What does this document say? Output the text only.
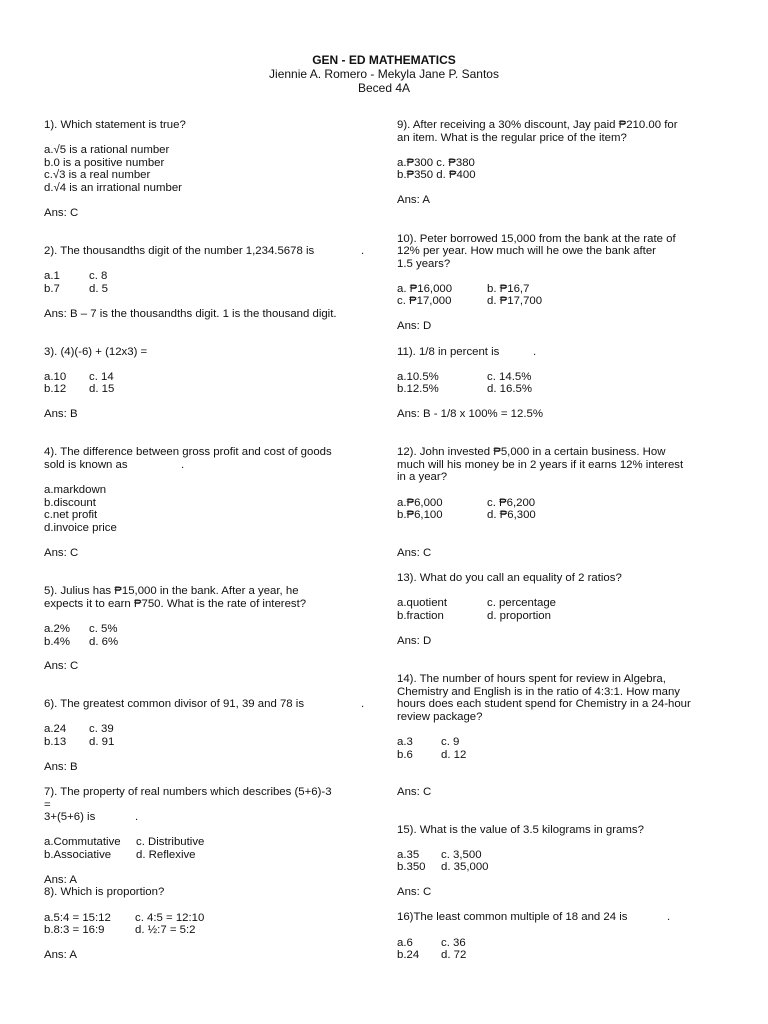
GEN - ED MATHEMATICS
Jiennie A. Romero - Mekyla Jane P. Santos
Beced 4A
1). Which statement is true?
a.√5 is a rational number
b.0 is a positive number
c.√3 is a real number
d.√4 is an irrational number
Ans: C
2). The thousandths digit of the number 1,234.5678 is	.
a.1	c. 8
b.7	d. 5
Ans: B – 7 is the thousandths digit. 1 is the thousand digit.
3). (4)(-6) + (12x3) =
a.10 c. 14
b.12 d. 15
Ans: B
4). The difference between gross profit and cost of goods
sold is known as	.
a.markdown
b.discount
c.net profit
d.invoice price
Ans: C
5). Julius has ₱15,000 in the bank. After a year, he
expects it to earn ₱750. What is the rate of interest?
a.2% c. 5%
b.4% d. 6%
Ans: C
6). The greatest common divisor of 91, 39 and 78 is	.
a.24 c. 39
b.13 d. 91
Ans: B
7). The property of real numbers which describes (5+6)-3
=
3+(5+6) is	.
a.Commutative c. Distributive
b.Associative d. Reflexive
Ans: A
8). Which is proportion?
a.5:4 = 15:12 c. 4:5 = 12:10
b.8:3 = 16:9	d. ½:7 = 5:2
Ans: A
9). After receiving a 30% discount, Jay paid ₱210.00 for
an item. What is the regular price of the item?
a.₱300 c. ₱380
b.₱350 d. ₱400
Ans: A
10). Peter borrowed 15,000 from the bank at the rate of
12% per year. How much will he owe the bank after
1.5 years?
a. ₱16,000	b. ₱16,7
c. ₱17,000	d. ₱17,700
Ans: D
11). 1/8 in percent is	.
a.10.5%	c. 14.5%
b.12.5%	d. 16.5%
Ans: B - 1/8 x 100% = 12.5%
12). John invested ₱5,000 in a certain business. How
much will his money be in 2 years if it earns 12% interest
in a year?
a.₱6,000	c. ₱6,200
b.₱6,100	d. ₱6,300
Ans: C
13). What do you call an equality of 2 ratios?
a.quotient	c. percentage
b.fraction	d. proportion
Ans: D
14). The number of hours spent for review in Algebra,
Chemistry and English is in the ratio of 4:3:1. How many
hours does each student spend for Chemistry in a 24-hour
review package?
a.3 c. 9
b.6 d. 12
Ans: C
15). What is the value of 3.5 kilograms in grams?
a.35 c. 3,500
b.350 d. 35,000
Ans: C
16)The least common multiple of 18 and 24 is	.
a.6 c. 36
b.24 d. 72
